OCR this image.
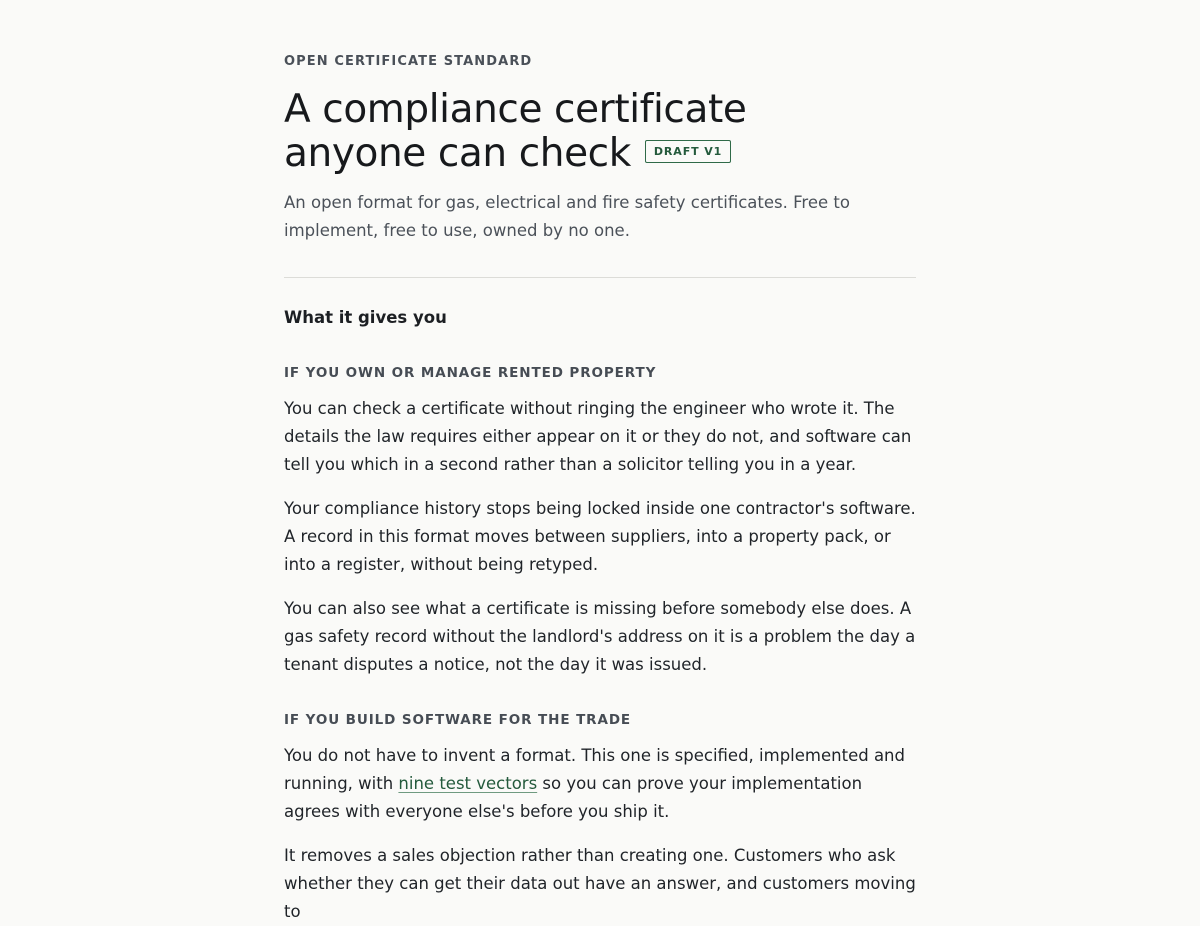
OPEN CERTIFICATE STANDARD

A compliance certificate
anyone can check DRAFT V1

An open format for gas, electrical and fire safety certificates. Free to implement, free to use, owned by no one.

What it gives you
IF YOU OWN OR MANAGE RENTED PROPERTY

You can check a certificate without ringing the engineer who wrote it. The details the law requires either appear on it or they do not, and software can tell you which in a second rather than a solicitor telling you in a year.

Your compliance history stops being locked inside one contractor's software. A record in this format moves between suppliers, into a property pack, or into a register, without being retyped.

You can also see what a certificate is missing before somebody else does. A gas safety record without the landlord's address on it is a problem the day a tenant disputes a notice, not the day it was issued.

IF YOU BUILD SOFTWARE FOR THE TRADE

You do not have to invent a format. This one is specified, implemented and running, with nine test vectors so you can prove your implementation agrees with everyone else's before you ship it.

It removes a sales objection rather than creating one. Customers who ask whether they can get their data out have an answer, and customers moving to
